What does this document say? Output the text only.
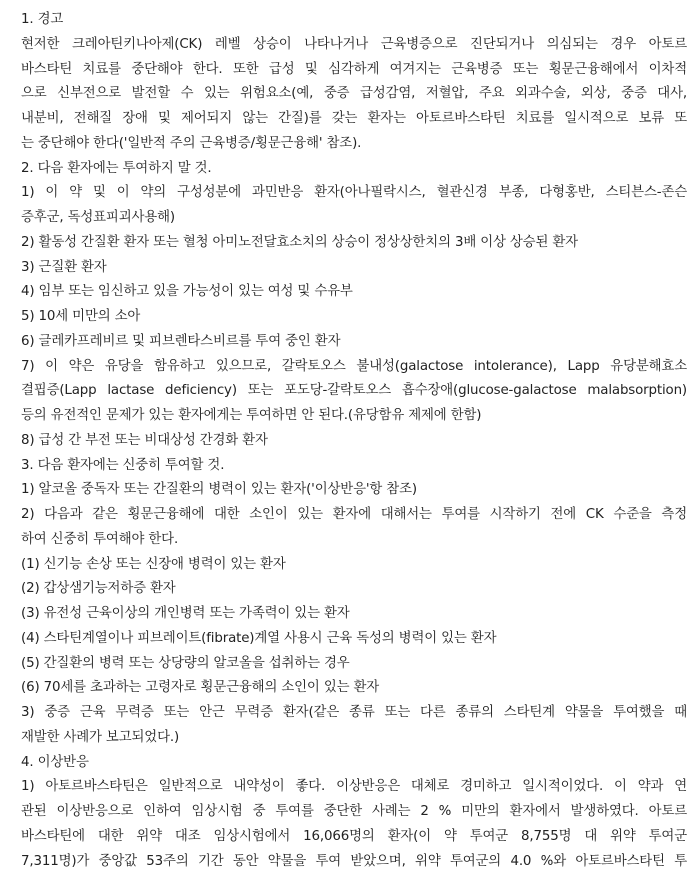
1. 경고
현저한 크레아틴키나아제(CK) 레벨 상승이 나타나거나 근육병증으로 진단되거나 의심되는 경우 아토르
바스타틴 치료를 중단해야 한다. 또한 급성 및 심각하게 여겨지는 근육병증 또는 횡문근융해에서 이차적
으로 신부전으로 발전할 수 있는 위험요소(예, 중증 급성감염, 저혈압, 주요 외과수술, 외상, 중증 대사,
내분비, 전해질 장애 및 제어되지 않는 간질)를 갖는 환자는 아토르바스타틴 치료를 일시적으로 보류 또
는 중단해야 한다('일반적 주의 근육병증/횡문근융해' 참조).
2. 다음 환자에는 투여하지 말 것.
1) 이 약 및 이 약의 구성성분에 과민반응 환자(아나필락시스, 혈관신경 부종, 다형홍반, 스티븐스-존슨
증후군, 독성표피괴사용해)
2) 활동성 간질환 환자 또는 혈청 아미노전달효소치의 상승이 정상상한치의 3배 이상 상승된 환자
3) 근질환 환자
4) 임부 또는 임신하고 있을 가능성이 있는 여성 및 수유부
5) 10세 미만의 소아
6) 글레카프레비르 및 피브렌타스비르를 투여 중인 환자
7) 이 약은 유당을 함유하고 있으므로, 갈락토오스 불내성(galactose intolerance), Lapp 유당분해효소
결핍증(Lapp lactase deficiency) 또는 포도당-갈락토오스 흡수장애(glucose-galactose malabsorption)
등의 유전적인 문제가 있는 환자에게는 투여하면 안 된다.(유당함유 제제에 한함)
8) 급성 간 부전 또는 비대상성 간경화 환자
3. 다음 환자에는 신중히 투여할 것.
1) 알코올 중독자 또는 간질환의 병력이 있는 환자('이상반응'항 참조)
2) 다음과 같은 횡문근융해에 대한 소인이 있는 환자에 대해서는 투여를 시작하기 전에 CK 수준을 측정
하여 신중히 투여해야 한다.
(1) 신기능 손상 또는 신장애 병력이 있는 환자
(2) 갑상샘기능저하증 환자
(3) 유전성 근육이상의 개인병력 또는 가족력이 있는 환자
(4) 스타틴계열이나 피브레이트(fibrate)계열 사용시 근육 독성의 병력이 있는 환자
(5) 간질환의 병력 또는 상당량의 알코올을 섭취하는 경우
(6) 70세를 초과하는 고령자로 횡문근융해의 소인이 있는 환자
3) 중증 근육 무력증 또는 안근 무력증 환자(같은 종류 또는 다른 종류의 스타틴계 약물을 투여했을 때
재발한 사례가 보고되었다.)
4. 이상반응
1) 아토르바스타틴은 일반적으로 내약성이 좋다. 이상반응은 대체로 경미하고 일시적이었다. 이 약과 연
관된 이상반응으로 인하여 임상시험 중 투여를 중단한 사례는 2 % 미만의 환자에서 발생하였다. 아토르
바스타틴에 대한 위약 대조 임상시험에서 16,066명의 환자(이 약 투여군 8,755명 대 위약 투여군
7,311명)가 중앙값 53주의 기간 동안 약물을 투여 받았으며, 위약 투여군의 4.0 %와 아토르바스타틴 투
